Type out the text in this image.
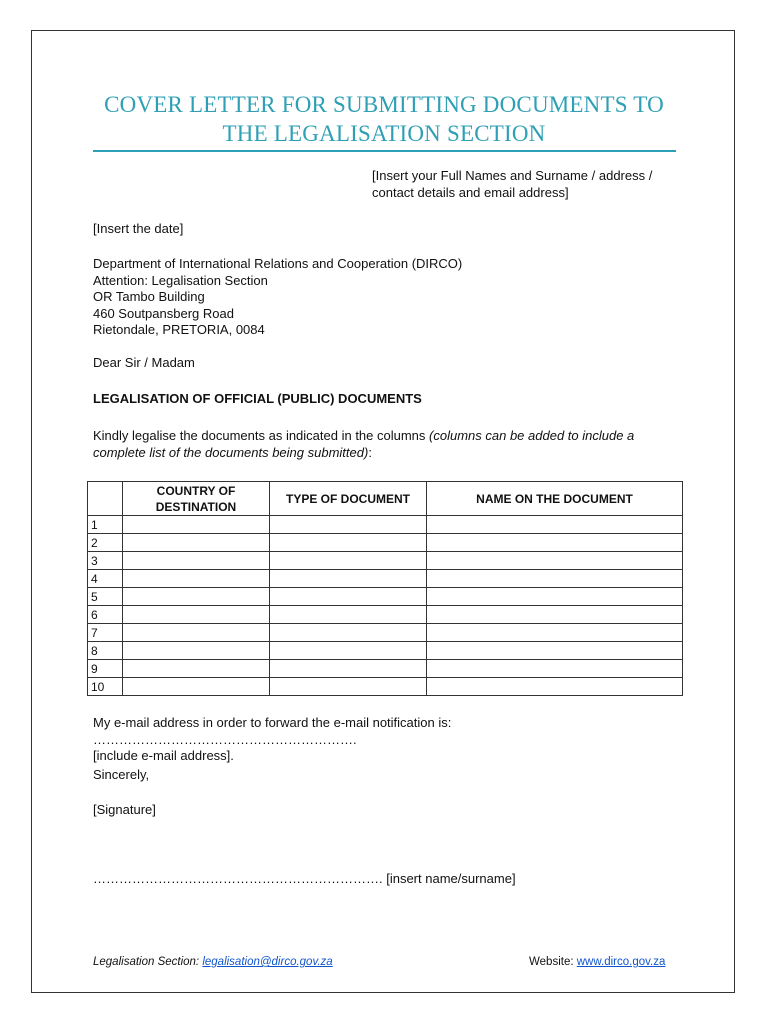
COVER LETTER FOR SUBMITTING DOCUMENTS TO
THE LEGALISATION SECTION
[Insert your Full Names and Surname / address /
contact details and email address]
[Insert the date]
Department of International Relations and Cooperation (DIRCO)
Attention: Legalisation Section
OR Tambo Building
460 Soutpansberg Road
Rietondale, PRETORIA, 0084
Dear Sir / Madam
LEGALISATION OF OFFICIAL (PUBLIC) DOCUMENTS
Kindly legalise the documents as indicated in the columns (columns can be added to include a complete list of the documents being submitted):

	COUNTRY OF
DESTINATION	TYPE OF DOCUMENT	NAME ON THE DOCUMENT
1			
2			
3			
4			
5			
6			
7			
8			
9			
10			
My e-mail address in order to forward the e-mail notification is: …………………………………………………….
[include e-mail address].
Sincerely,
[Signature]
…………………………………………………………. [insert name/surname]
Legalisation Section: legalisation@dirco.gov.za	Website: www.dirco.gov.za
